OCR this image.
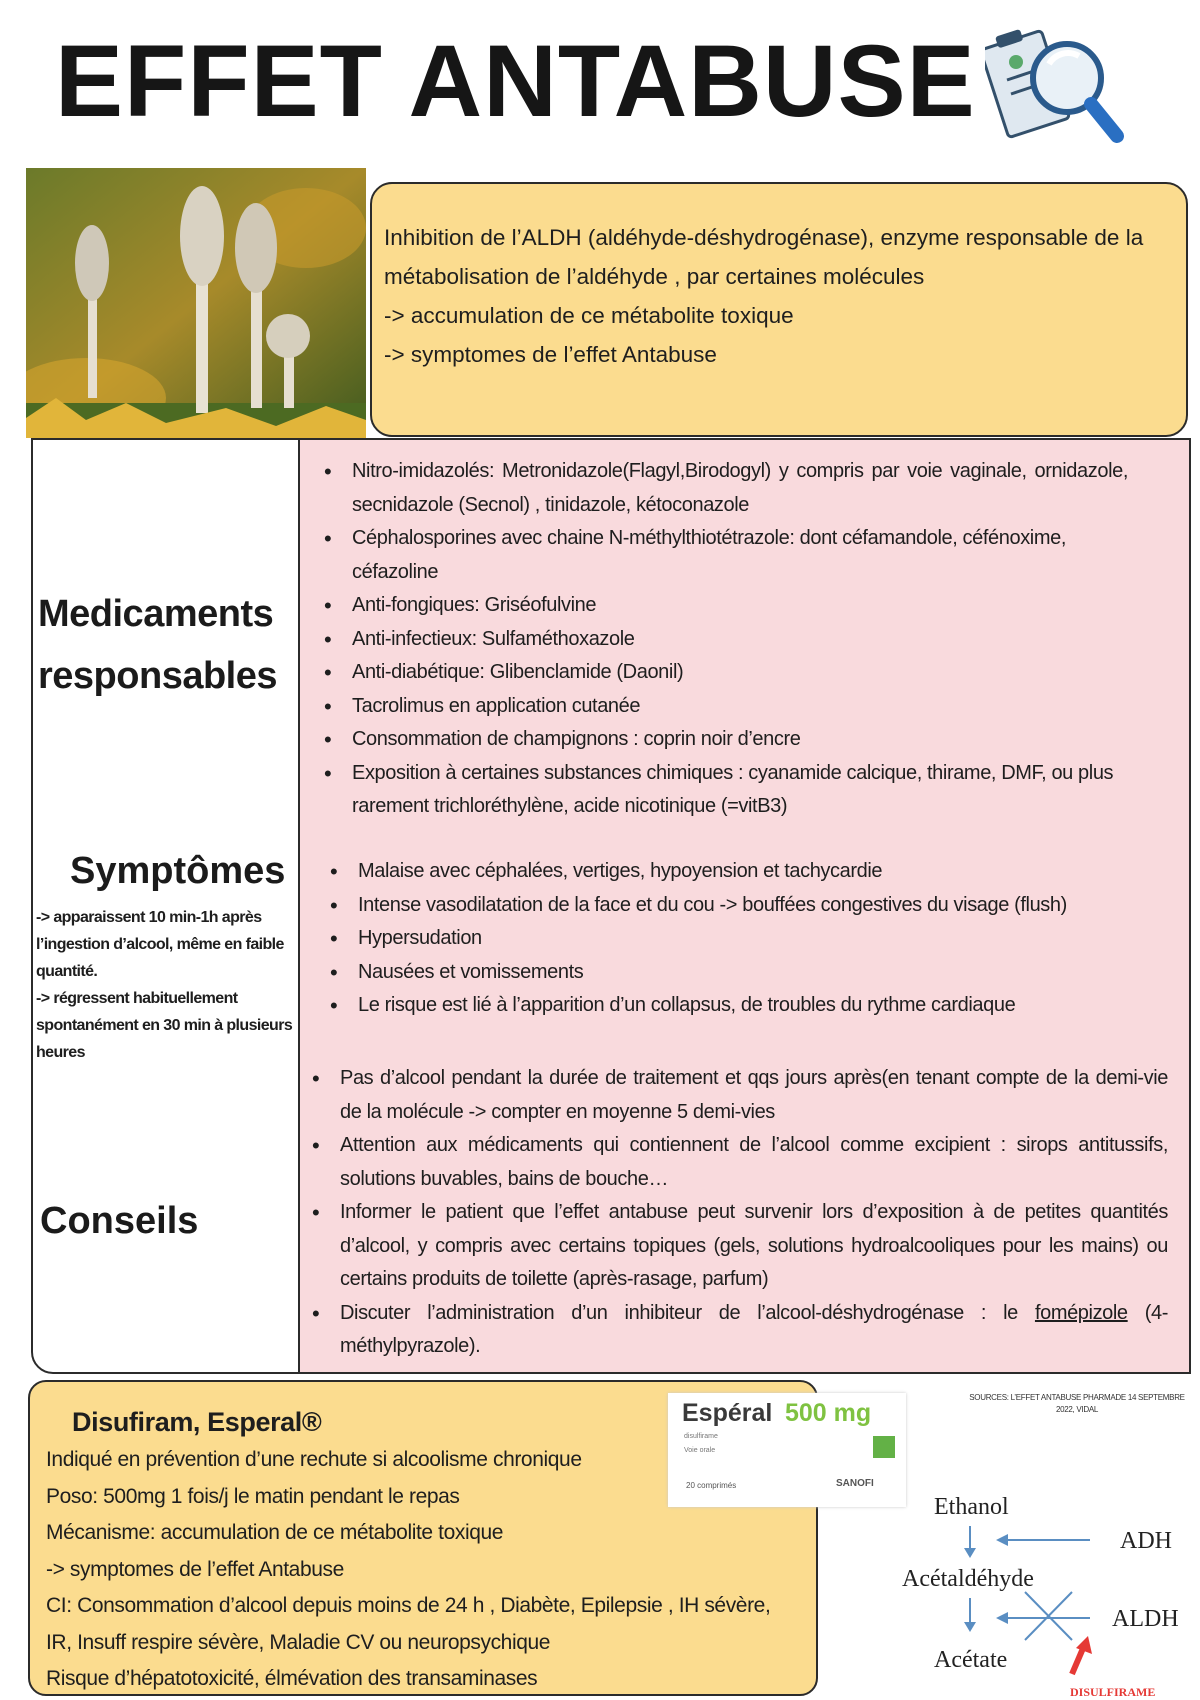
EFFET ANTABUSE
Inhibition de l’ALDH (aldéhyde-déshydrogénase), enzyme responsable de la
métabolisation de l’aldéhyde , par certaines molécules
-> accumulation de ce métabolite toxique
-> symptomes de l’effet Antabuse
Medicaments
responsables
Symptômes
-> apparaissent 10 min-1h après l’ingestion d’alcool, même en faible quantité.
-> régressent habituellement spontanément en 30 min à plusieurs heures
Conseils
• Nitro-imidazolés: Metronidazole(Flagyl,Birodogyl) y compris par voie vaginale, ornidazole, secnidazole (Secnol) , tinidazole, kétoconazole
• Céphalosporines avec chaine N-méthylthiotétrazole: dont céfamandole, céfénoxime, céfazoline
• Anti-fongiques: Griséofulvine
• Anti-infectieux: Sulfaméthoxazole
• Anti-diabétique: Glibenclamide (Daonil)
• Tacrolimus en application cutanée
• Consommation de champignons : coprin noir d’encre
• Exposition à certaines substances chimiques : cyanamide calcique, thirame, DMF, ou plus rarement trichloréthylène, acide nicotinique (=vitB3)
• Malaise avec céphalées, vertiges, hypoyension et tachycardie
• Intense vasodilatation de la face et du cou -> bouffées congestives du visage (flush)
• Hypersudation
• Nausées et vomissements
• Le risque est lié à l’apparition d’un collapsus, de troubles du rythme cardiaque
• Pas d’alcool pendant la durée de traitement et qqs jours après(en tenant compte de la demi-vie de la molécule -> compter en moyenne 5 demi-vies
• Attention aux médicaments qui contiennent de l’alcool comme excipient : sirops antitussifs, solutions buvables, bains de bouche…
• Informer le patient que l’effet antabuse peut survenir lors d’exposition à de petites quantités d’alcool, y compris avec certains topiques (gels, solutions hydroalcooliques pour les mains) ou certains produits de toilette (après-rasage, parfum)
• Discuter l’administration d’un inhibiteur de l’alcool-déshydrogénase : le fomépizole (4-méthylpyrazole).
Disufiram, Esperal®
Indiqué en prévention d’une rechute si alcoolisme chronique
Poso: 500mg 1 fois/j le matin pendant le repas
Mécanisme: accumulation de ce métabolite toxique
-> symptomes de l’effet Antabuse
CI: Consommation d’alcool depuis moins de 24 h , Diabète, Epilepsie , IH sévère,
IR, Insuff respire sévère, Maladie CV ou neuropsychique
Risque d’hépatotoxicité, élmévation des transaminases
Espéral 500 mg
disulfirame
Voie orale
20 comprimés	SANOFI
SOURCES: L’EFFET ANTABUSE PHARMADE 14 SEPTEMBRE 2022, VIDAL
Ethanol
ADH
Acétaldéhyde
ALDH
Acétate
DISULFIRAME
